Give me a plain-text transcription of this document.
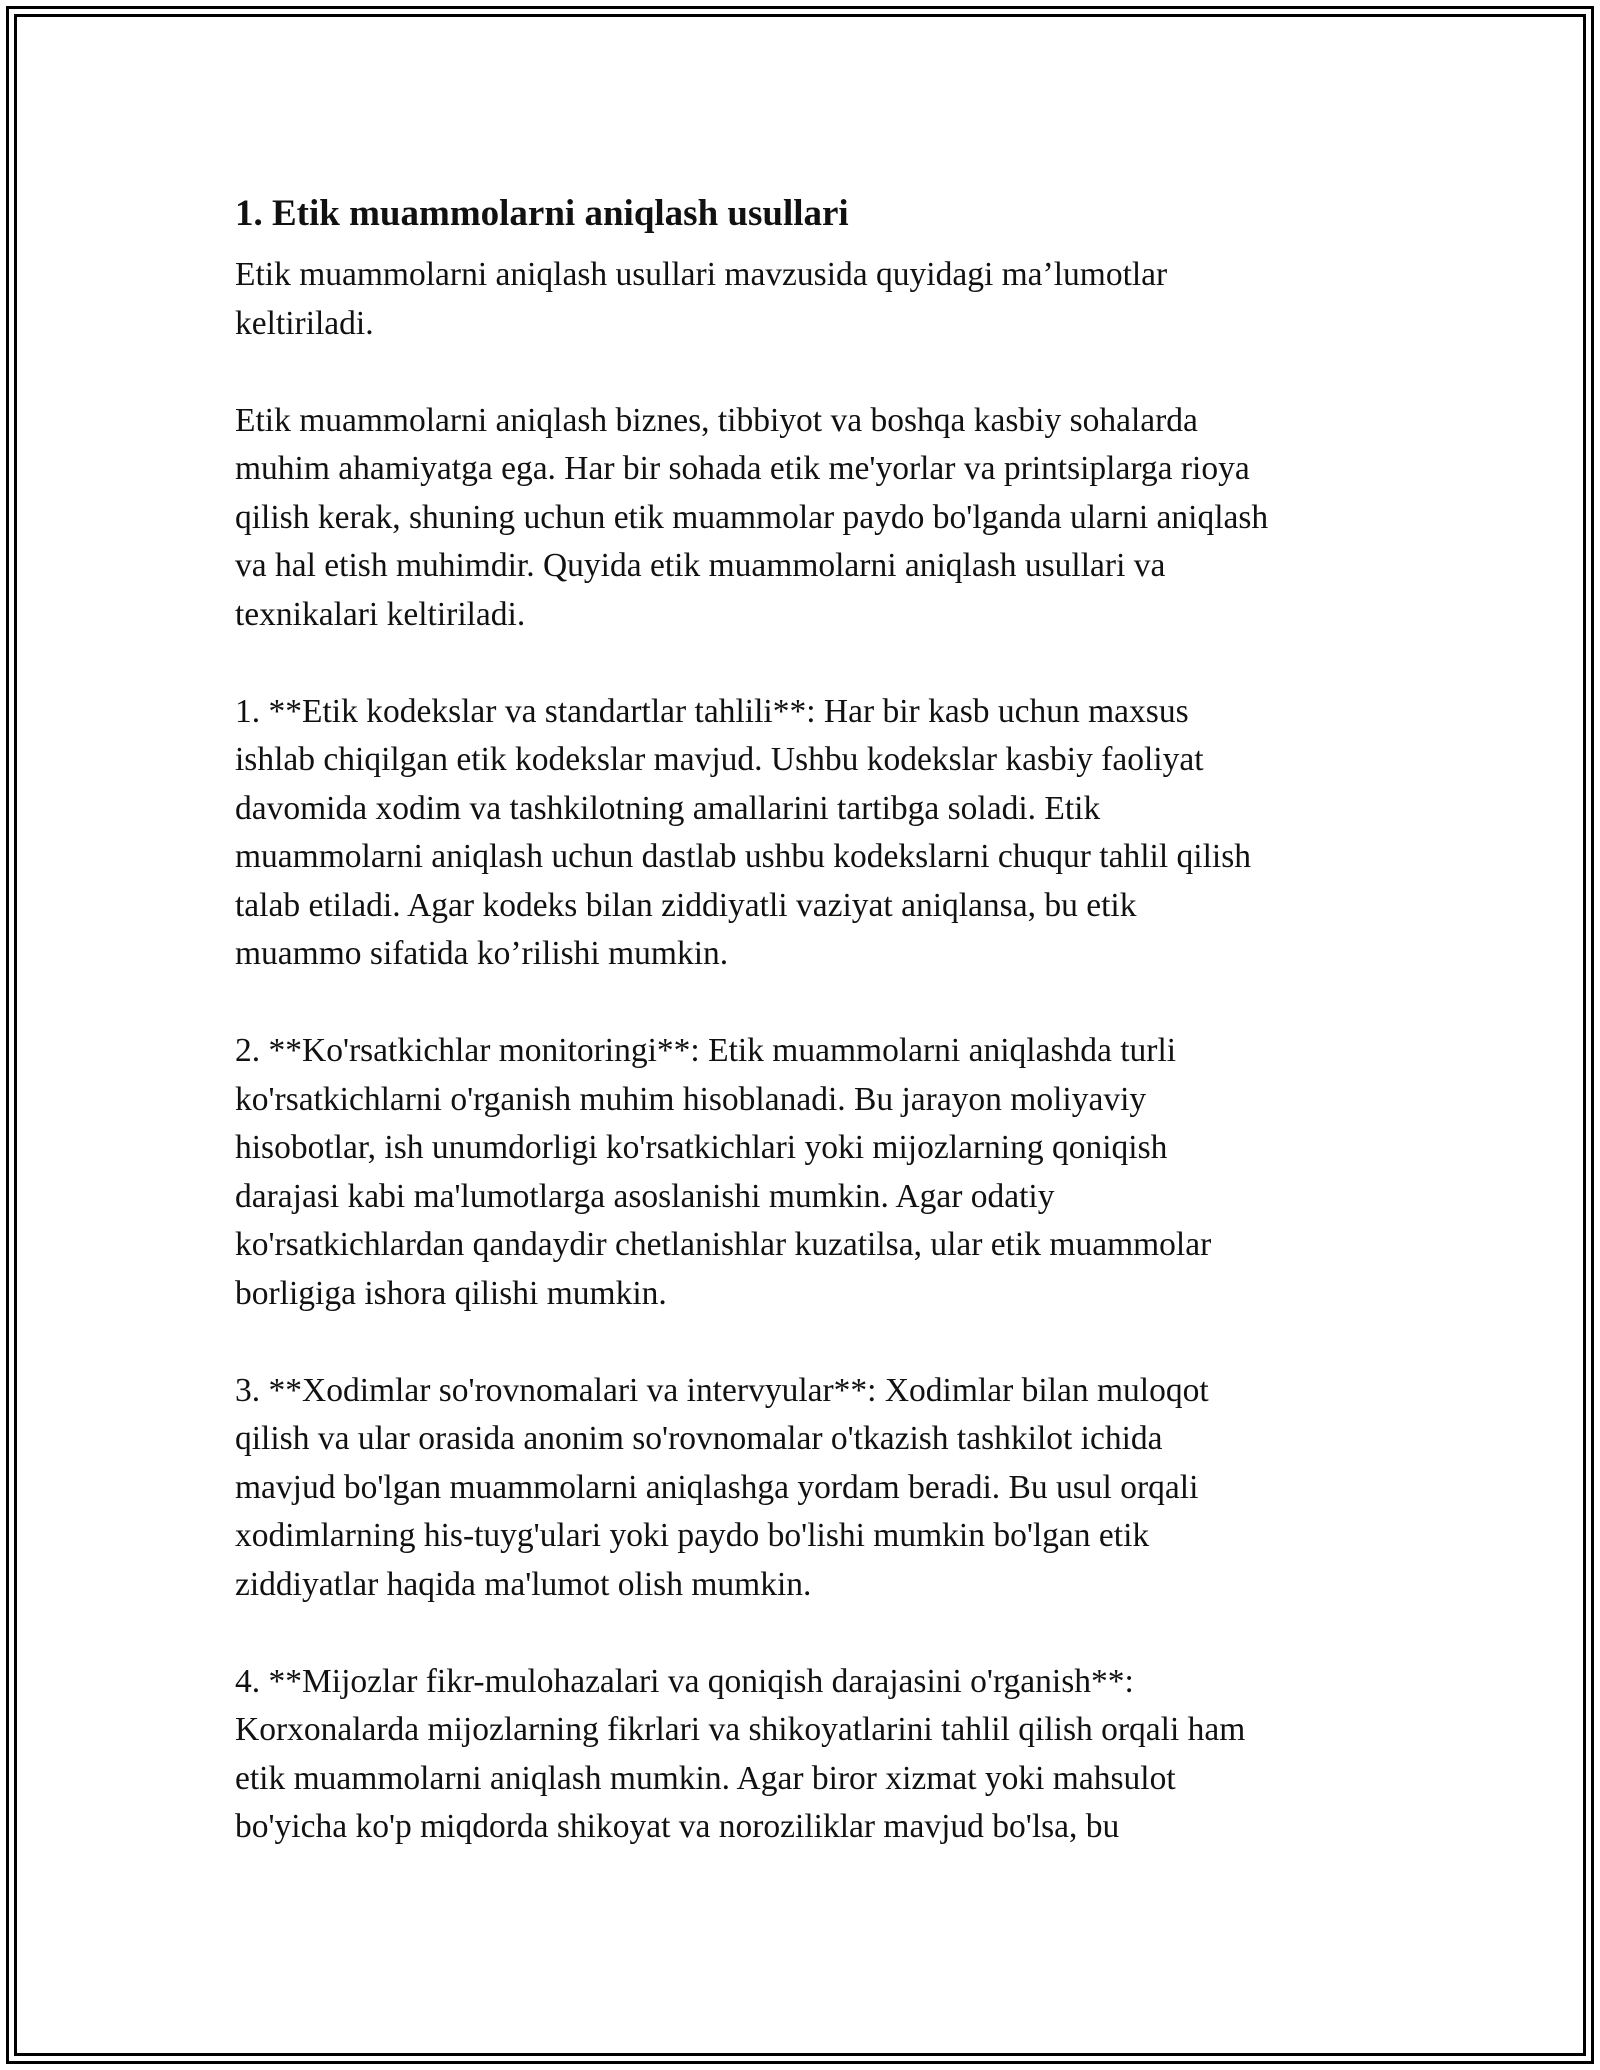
1. Etik muammolarni aniqlash usullari
Etik muammolarni aniqlash usullari mavzusida quyidagi ma’lumotlar
keltiriladi.
Etik muammolarni aniqlash biznes, tibbiyot va boshqa kasbiy sohalarda
muhim ahamiyatga ega. Har bir sohada etik me'yorlar va printsiplarga rioya
qilish kerak, shuning uchun etik muammolar paydo bo'lganda ularni aniqlash
va hal etish muhimdir. Quyida etik muammolarni aniqlash usullari va
texnikalari keltiriladi.
1. **Etik kodekslar va standartlar tahlili**: Har bir kasb uchun maxsus
ishlab chiqilgan etik kodekslar mavjud. Ushbu kodekslar kasbiy faoliyat
davomida xodim va tashkilotning amallarini tartibga soladi. Etik
muammolarni aniqlash uchun dastlab ushbu kodekslarni chuqur tahlil qilish
talab etiladi. Agar kodeks bilan ziddiyatli vaziyat aniqlansa, bu etik
muammo sifatida ko’rilishi mumkin.
2. **Ko'rsatkichlar monitoringi**: Etik muammolarni aniqlashda turli
ko'rsatkichlarni o'rganish muhim hisoblanadi. Bu jarayon moliyaviy
hisobotlar, ish unumdorligi ko'rsatkichlari yoki mijozlarning qoniqish
darajasi kabi ma'lumotlarga asoslanishi mumkin. Agar odatiy
ko'rsatkichlardan qandaydir chetlanishlar kuzatilsa, ular etik muammolar
borligiga ishora qilishi mumkin.
3. **Xodimlar so'rovnomalari va intervyular**: Xodimlar bilan muloqot
qilish va ular orasida anonim so'rovnomalar o'tkazish tashkilot ichida
mavjud bo'lgan muammolarni aniqlashga yordam beradi. Bu usul orqali
xodimlarning his-tuyg'ulari yoki paydo bo'lishi mumkin bo'lgan etik
ziddiyatlar haqida ma'lumot olish mumkin.
4. **Mijozlar fikr-mulohazalari va qoniqish darajasini o'rganish**:
Korxonalarda mijozlarning fikrlari va shikoyatlarini tahlil qilish orqali ham
etik muammolarni aniqlash mumkin. Agar biror xizmat yoki mahsulot
bo'yicha ko'p miqdorda shikoyat va noroziliklar mavjud bo'lsa, bu
